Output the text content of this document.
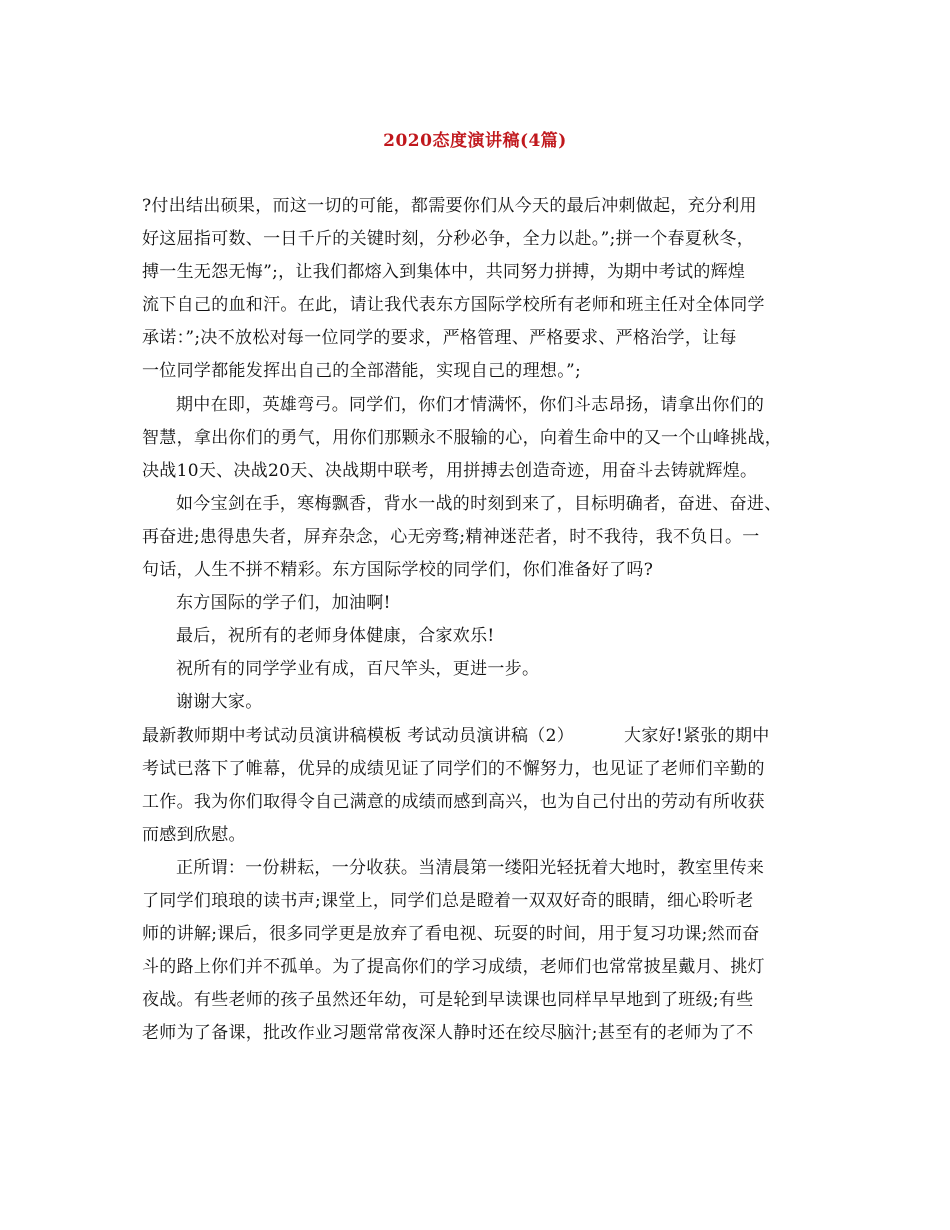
2020态度演讲稿(4篇)
?付出结出硕果，而这一切的可能，都需要你们从今天的最后冲刺做起，充分利用
好这屈指可数、一日千斤的关键时刻，分秒必争，全力以赴。”;拼一个春夏秋冬，
搏一生无怨无悔”;，让我们都熔入到集体中，共同努力拼搏，为期中考试的辉煌
流下自己的血和汗。在此，请让我代表东方国际学校所有老师和班主任对全体同学
承诺：”;决不放松对每一位同学的要求，严格管理、严格要求、严格治学，让每
一位同学都能发挥出自己的全部潜能，实现自己的理想。”;
期中在即，英雄弯弓。同学们，你们才情满怀，你们斗志昂扬，请拿出你们的
智慧，拿出你们的勇气，用你们那颗永不服输的心，向着生命中的又一个山峰挑战，
决战10天、决战20天、决战期中联考，用拼搏去创造奇迹，用奋斗去铸就辉煌。
如今宝剑在手，寒梅飘香，背水一战的时刻到来了，目标明确者，奋进、奋进、
再奋进;患得患失者，屏弃杂念，心无旁骛;精神迷茫者，时不我待，我不负日。一
句话，人生不拼不精彩。东方国际学校的同学们，你们准备好了吗?
东方国际的学子们，加油啊!
最后，祝所有的老师身体健康，合家欢乐!
祝所有的同学学业有成，百尺竿头，更进一步。
谢谢大家。
最新教师期中考试动员演讲稿模板 考试动员演讲稿（2）	大家好!紧张的期中
考试已落下了帷幕，优异的成绩见证了同学们的不懈努力，也见证了老师们辛勤的
工作。我为你们取得令自己满意的成绩而感到高兴，也为自己付出的劳动有所收获
而感到欣慰。
正所谓：一份耕耘，一分收获。当清晨第一缕阳光轻抚着大地时，教室里传来
了同学们琅琅的读书声;课堂上，同学们总是瞪着一双双好奇的眼睛，细心聆听老
师的讲解;课后，很多同学更是放弃了看电视、玩耍的时间，用于复习功课;然而奋
斗的路上你们并不孤单。为了提高你们的学习成绩，老师们也常常披星戴月、挑灯
夜战。有些老师的孩子虽然还年幼，可是轮到早读课也同样早早地到了班级;有些
老师为了备课，批改作业习题常常夜深人静时还在绞尽脑汁;甚至有的老师为了不
